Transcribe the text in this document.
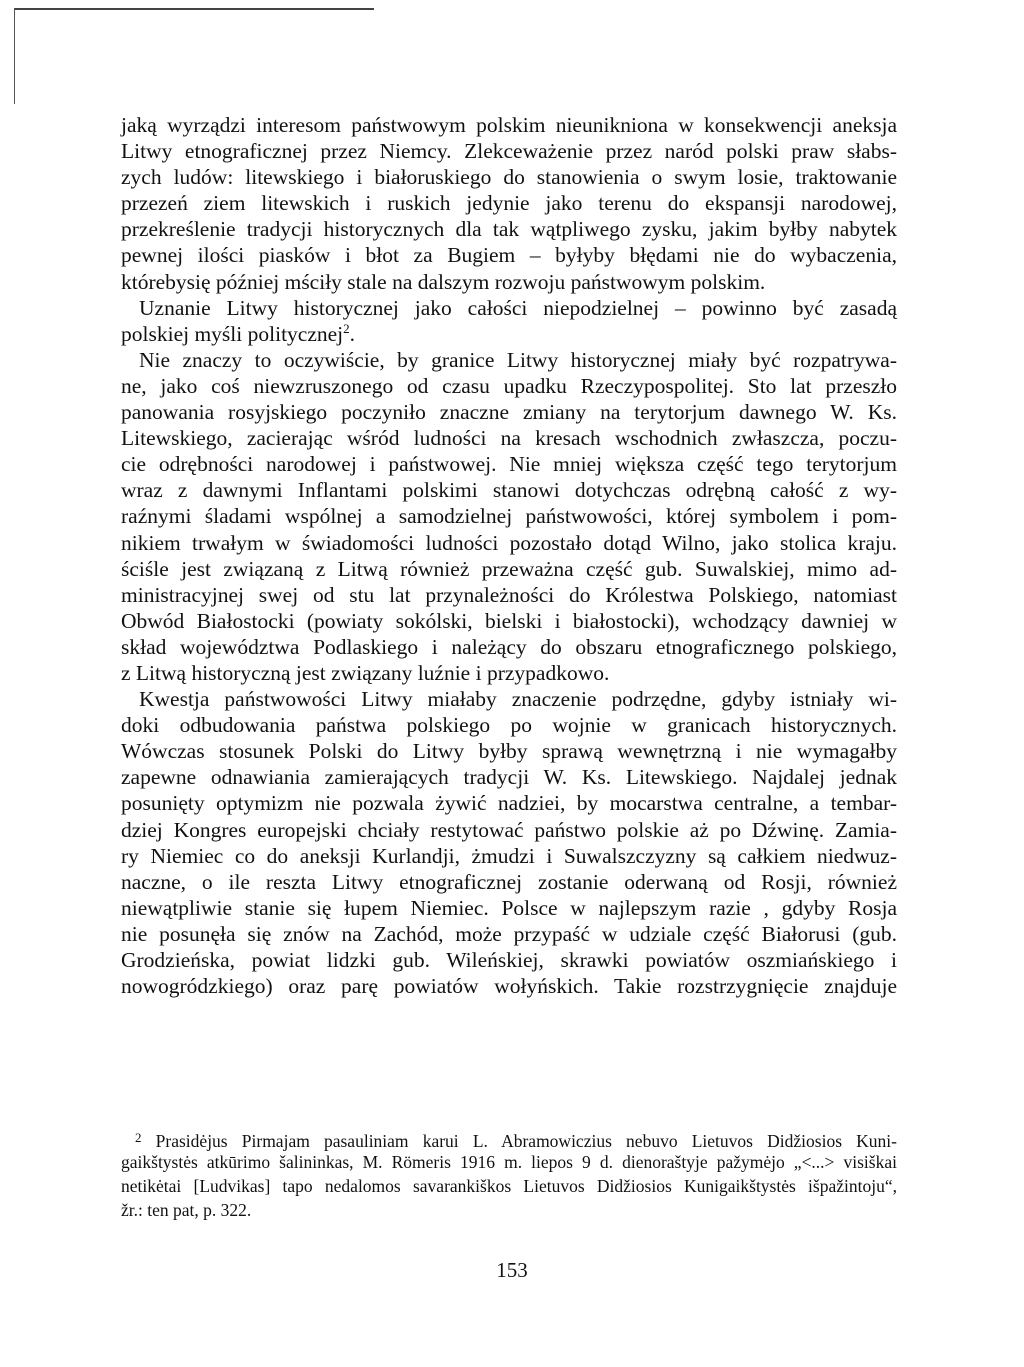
jaką wyrządzi interesom państwowym polskim nieuniknionа w konsekwencji aneksja
Litwy etnograficznej przez Niemcy. Zlekceważenie przez naród polski praw słabs-
zych ludów: litewskiego i białoruskiego do stanowienia o swym losie, traktowanie
przezeń ziem litewskich i ruskich jedynie jako terenu do ekspansji narodowej,
przekreślenie tradycji historycznych dla tak wątpliwego zysku, jakim byłby nabytek
pewnej ilości piasków i błot za Bugiem – byłyby błędami nie do wybaczenia,
którebysię później mściły stale na dalszym rozwoju państwowym polskim.
Uznanie Litwy historycznej jako całości niepodzielnej – powinno być zasadą
polskiej myśli politycznej$^2$.
Nie znaczy to oczywiście, by granice Litwy historycznej miały być rozpatrywa-
ne, jako coś niewzruszonego od czasu upadku Rzeczypospolitej. Sto lat przeszło
panowania rosyjskiego poczyniło znaczne zmiany na terytorjum dawnego W. Ks.
Litewskiego, zacierając wśród ludności na kresach wschodnich zwłaszcza, poczu-
cie odrębności narodowej i państwowej. Nie mniej większa część tego terytorjum
wraz z dawnymi Inflantami polskimi stanowi dotychczas odrębną całość z wy-
raźnymi śladami wspólnej a samodzielnej państwowości, której symbolem i pom-
nikiem trwałym w świadomości ludności pozostało dotąd Wilno, jako stolica kraju.
ściśle jest związaną z Litwą również przeważna część gub. Suwalskiej, mimo ad-
ministracyjnej swej od stu lat przynależności do Królestwa Polskiego, natomiast
Obwód Białostocki (powiaty sokólski, bielski i białostocki), wchodzący dawniej w
skład województwa Podlaskiego i należący do obszaru etnograficznego polskiego,
z Litwą historyczną jest związany luźnie i przypadkowo.
Kwestja państwowości Litwy miałaby znaczenie podrzędne, gdyby istniały wi-
doki odbudowania państwa polskiego po wojnie w granicach historycznych.
Wówczas stosunek Polski do Litwy byłby sprawą wewnętrzną i nie wymagałby
zapewne odnawiania zamierających tradycji W. Ks. Litewskiego. Najdalej jednak
posunięty optymizm nie pozwala żywić nadziei, by mocarstwa centralne, a tembar-
dziej Kongres europejski chciały restytować państwo polskie aż po Dźwinę. Zamia-
ry Niemiec co do aneksji Kurlandji, żmudzi i Suwalszczyzny są całkiem niedwuz-
naczne, o ile reszta Litwy etnograficznej zostanie oderwaną od Rosji, również
niewątpliwie stanie się łupem Niemiec. Polsce w najlepszym razie , gdyby Rosja
nie posunęła się znów na Zachód, może przypaść w udziale część Białorusi (gub.
Grodzieńska, powiat lidzki gub. Wileńskiej, skrawki powiatów oszmiańskiego i
nowogródzkiego) oraz parę powiatów wołyńskich. Takie rozstrzygnięcie znajduje
$^2$ Prasidėjus Pirmajam pasauliniam karui L. Abramowiczius nebuvo Lietuvos Didžiosios Kuni-
gaikštystės atkūrimo šalininkas, M. Römeris 1916 m. liepos 9 d. dienoraštyje pažymėjo „<...> visiškai
netikėtai [Ludvikas] tapo nedalomos savarankiškos Lietuvos Didžiosios Kunigaikštystės išpažintoju“,
žr.: ten pat, p. 322.
153
